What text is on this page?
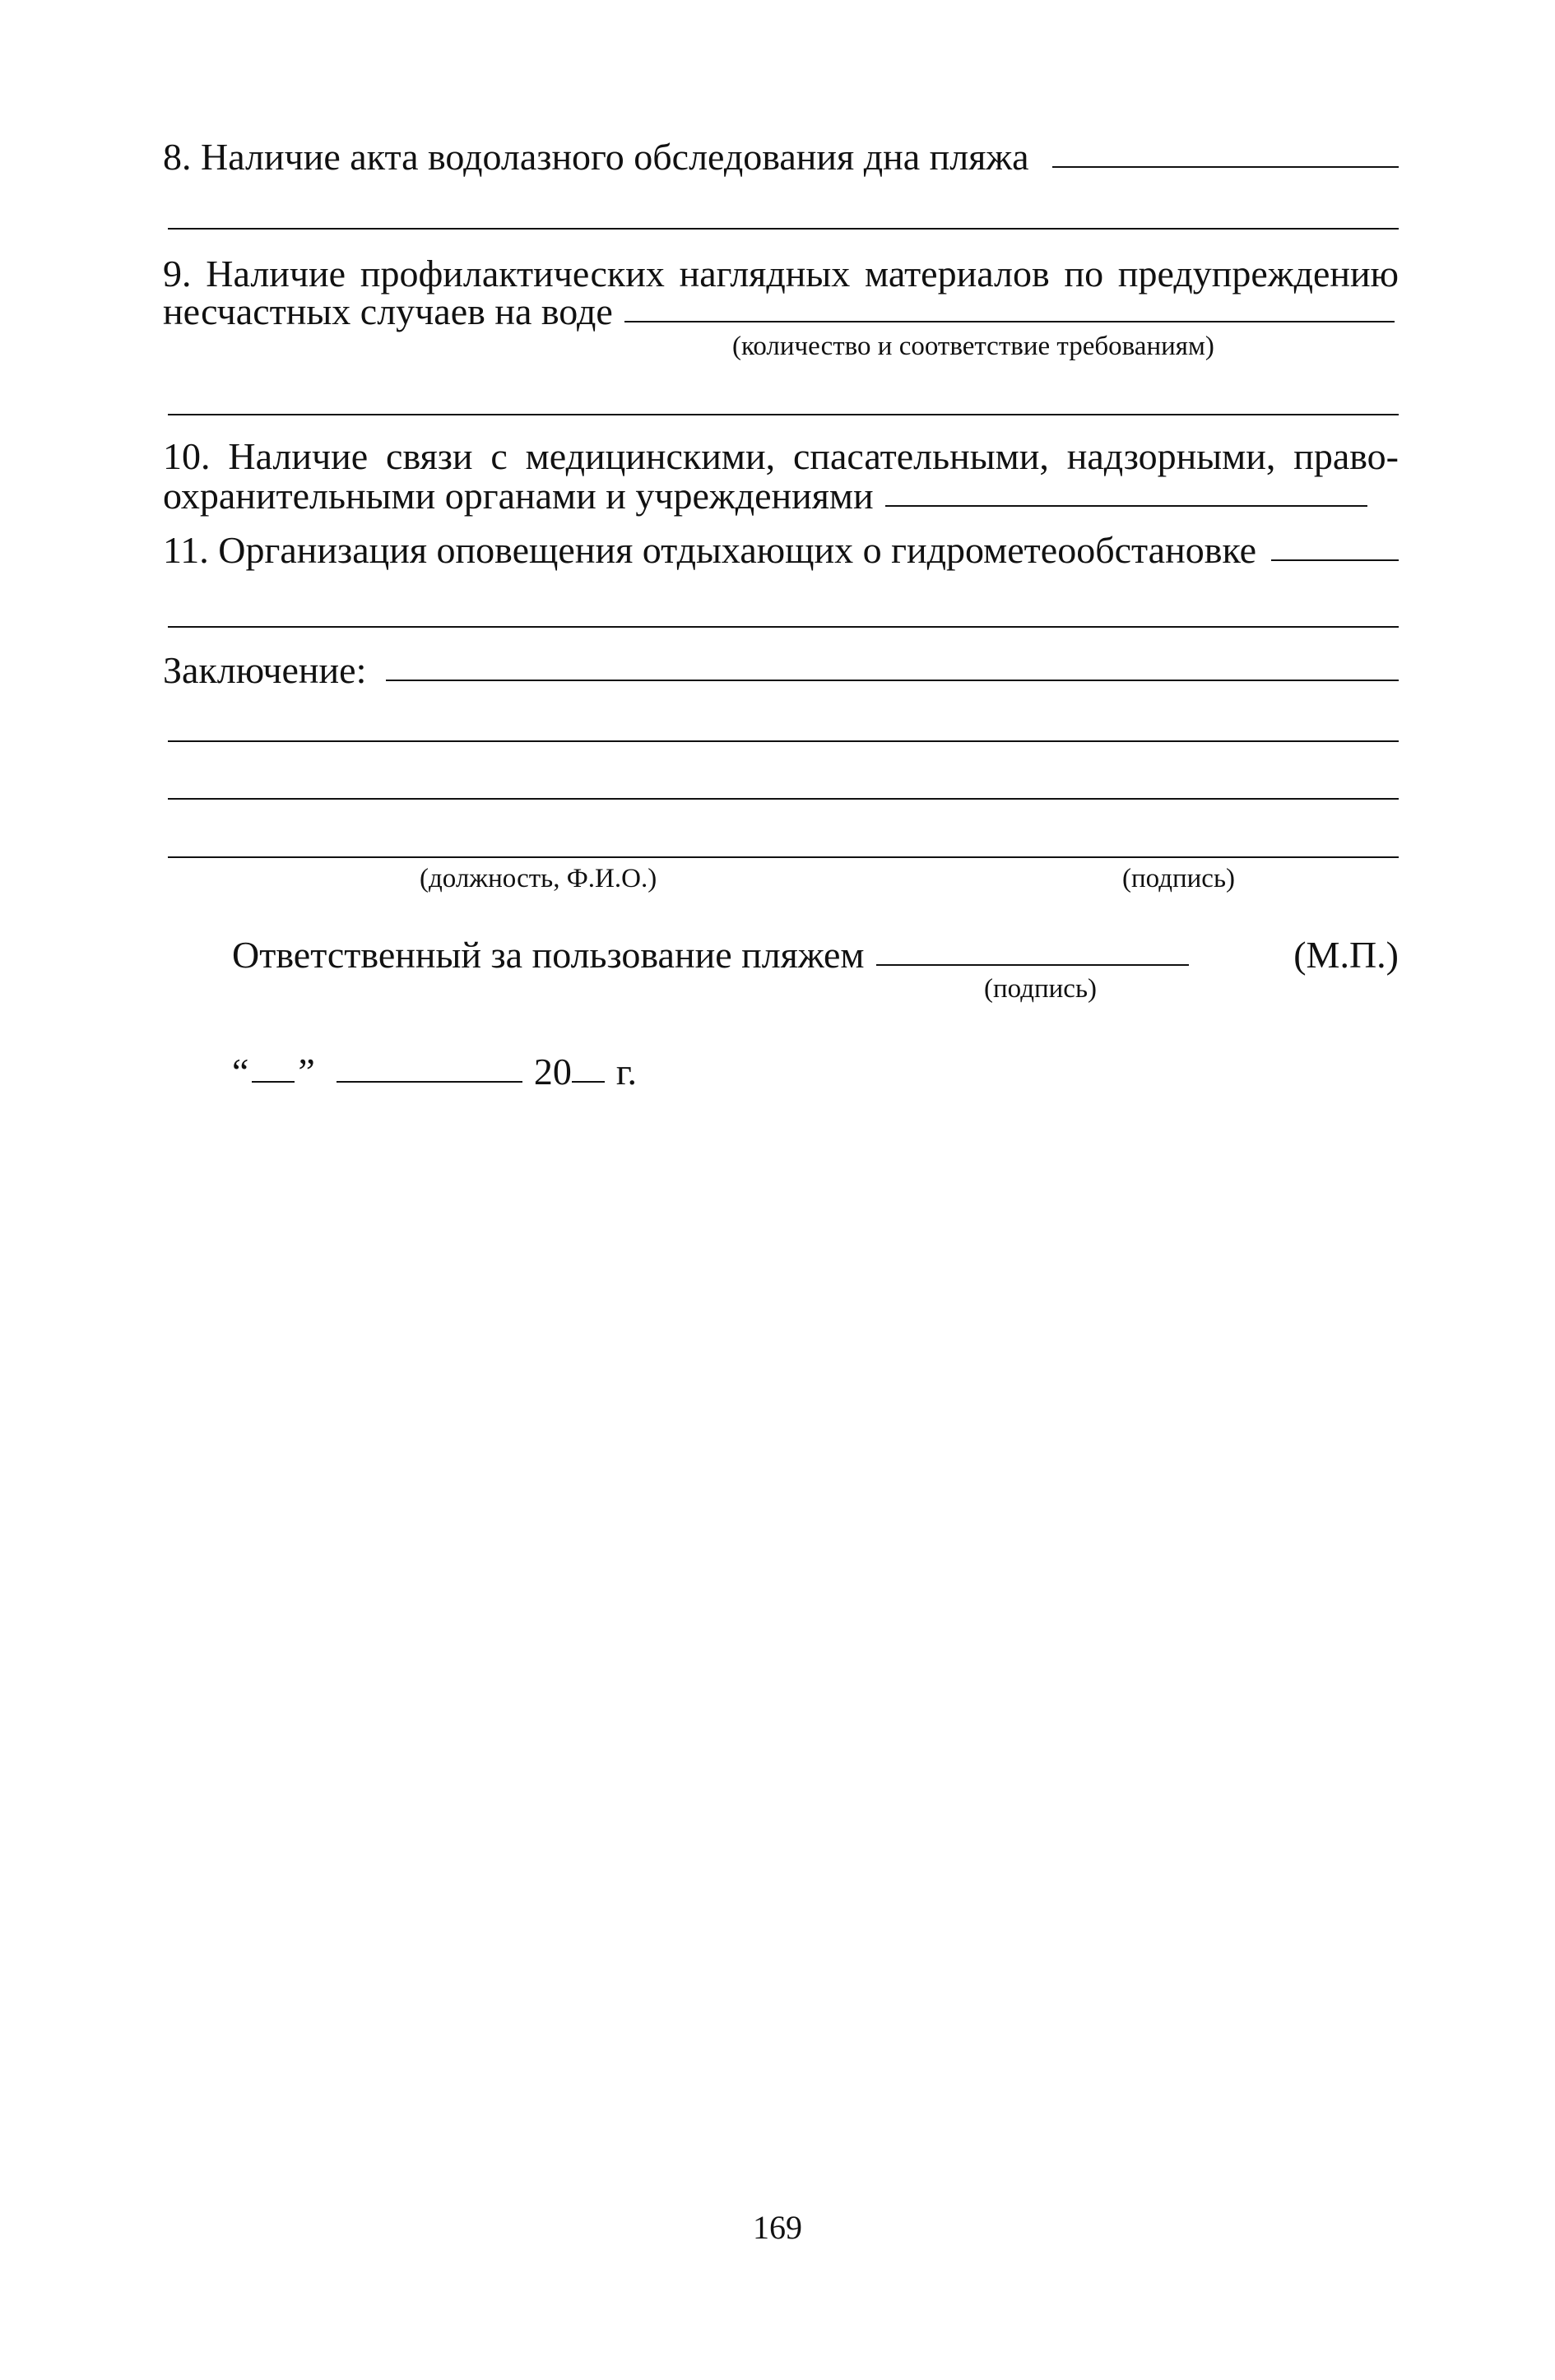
8. Наличие акта водолазного обследования дна пляжа
9. Наличие профилактических наглядных материалов по предупреждению
несчастных случаев на воде
(количество и соответствие требованиям)
10. Наличие связи с медицинскими, спасательными, надзорными, право-
охранительными органами и учреждениями
11. Организация оповещения отдыхающих о гидрометеообстановке
Заключение:
(должность, Ф.И.О.)	(подпись)
Ответственный за пользование пляжем	(М.П.)
(подпись)
“ ”	20 г.
169
